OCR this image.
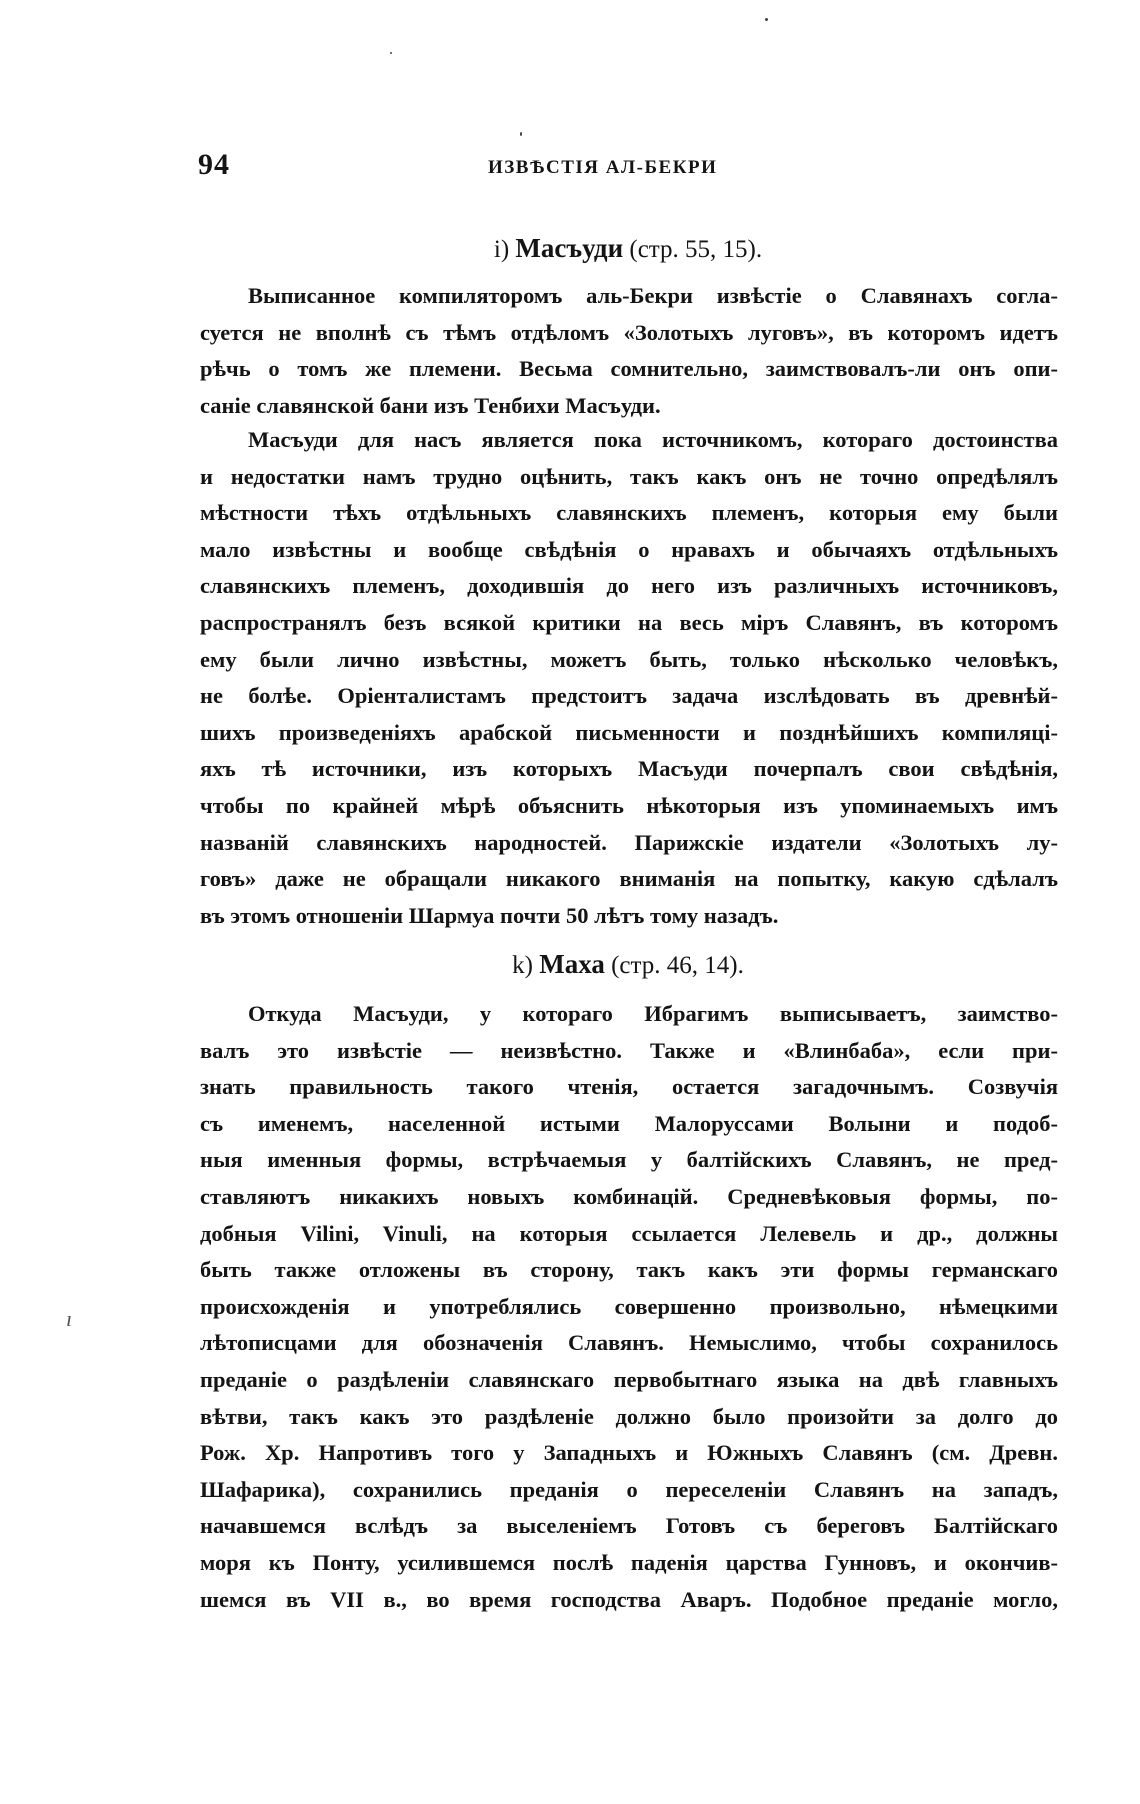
94	ИЗВѢСТIЯ АЛ-БЕКРИ
i) Масъуди (стр. 55, 15).
Выписанное компиляторомъ аль-Бекри извѣстіе о Славянахъ согла-
суется не вполнѣ съ тѣмъ отдѣломъ «Золотыхъ луговъ», въ которомъ идетъ
рѣчь о томъ же племени. Весьма сомнительно, заимствовалъ-ли онъ опи-
саніе славянской бани изъ Тенбихи Масъуди.
Масъуди для насъ является пока источникомъ, котораго достоинства
и недостатки намъ трудно оцѣнить, такъ какъ онъ не точно опредѣлялъ
мѣстности тѣхъ отдѣльныхъ славянскихъ племенъ, которыя ему были
мало извѣстны и вообще свѣдѣнія о нравахъ и обычаяхъ отдѣльныхъ
славянскихъ племенъ, доходившія до него изъ различныхъ источниковъ,
распространялъ безъ всякой критики на весь міръ Славянъ, въ которомъ
ему были лично извѣстны, можетъ быть, только нѣсколько человѣкъ,
не болѣе. Оріенталистамъ предстоитъ задача изслѣдовать въ древнѣй-
шихъ произведеніяхъ арабской письменности и позднѣйшихъ компиляці-
яхъ тѣ источники, изъ которыхъ Масъуди почерпалъ свои свѣдѣнія,
чтобы по крайней мѣрѣ объяснить нѣкоторыя изъ упоминаемыхъ имъ
названій славянскихъ народностей. Парижскіе издатели «Золотыхъ лу-
говъ» даже не обращали никакого вниманія на попытку, какую сдѣлалъ
въ этомъ отношеніи Шармуа почти 50 лѣтъ тому назадъ.
k) Маха (стр. 46, 14).
Откуда Масъуди, у котораго Ибрагимъ выписываетъ, заимство-
валъ это извѣстіе — неизвѣстно. Также и «Влинбаба», если при-
знать правильность такого чтенія, остается загадочнымъ. Созвучія
съ именемъ, населенной истыми Малоруссами Волыни и подоб-
ныя именныя формы, встрѣчаемыя у балтійскихъ Славянъ, не пред-
ставляютъ никакихъ новыхъ комбинацій. Средневѣковыя формы, по-
добныя Vilini, Vinuli, на которыя ссылается Лелевель и др., должны
быть также отложены въ сторону, такъ какъ эти формы германскаго
происхожденія и употреблялись совершенно произвольно, нѣмецкими
лѣтописцами для обозначенія Славянъ. Немыслимо, чтобы сохранилось
преданіе о раздѣленіи славянскаго первобытнаго языка на двѣ главныхъ
вѣтви, такъ какъ это раздѣленіе должно было произойти за долго до
Рож. Хр. Напротивъ того у Западныхъ и Южныхъ Славянъ (см. Древн.
Шафарика), сохранились преданія о переселеніи Славянъ на западъ,
начавшемся вслѣдъ за выселеніемъ Готовъ съ береговъ Балтійскаго
моря къ Понту, усилившемся послѣ паденія царства Гунновъ, и окончив-
шемся въ VII в., во время господства Аваръ. Подобное преданіе могло,
ı
